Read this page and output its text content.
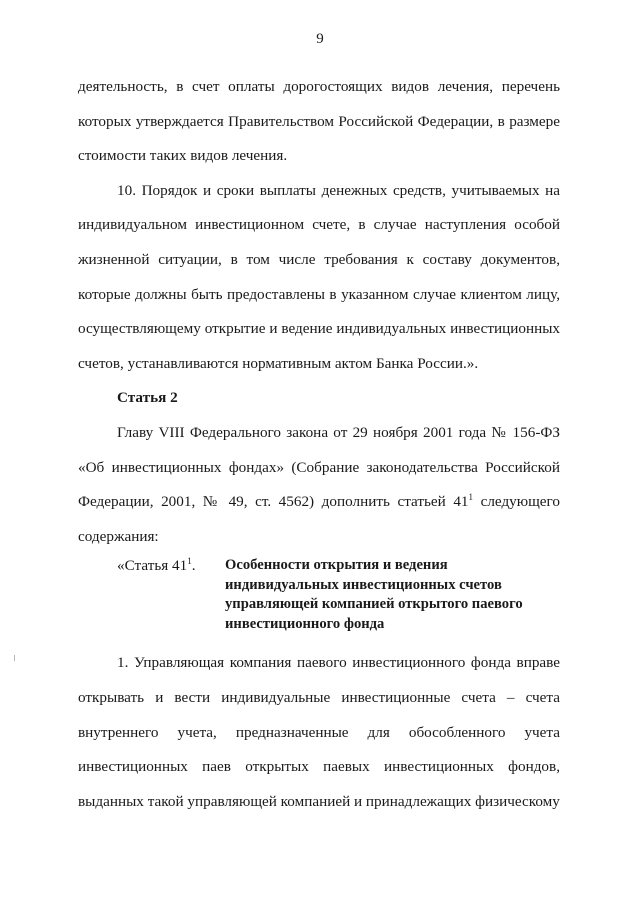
9

деятельность, в счет оплаты дорогостоящих видов лечения, перечень которых утверждается Правительством Российской Федерации, в размере стоимости таких видов лечения.

10. Порядок и сроки выплаты денежных средств, учитываемых на индивидуальном инвестиционном счете, в случае наступления особой жизненной ситуации, в том числе требования к составу документов, которые должны быть предоставлены в указанном случае клиентом лицу, осуществляющему открытие и ведение индивидуальных инвестиционных счетов, устанавливаются нормативным актом Банка России.».

Статья 2

Главу VIII Федерального закона от 29 ноября 2001 года № 156-ФЗ «Об инвестиционных фондах» (Собрание законодательства Российской Федерации, 2001, № 49, ст. 4562) дополнить статьей $41^1$ следующего содержания:

«Статья $41^1$.	Особенности открытия и ведения индивидуальных инвестиционных счетов управляющей компанией открытого паевого инвестиционного фонда

1. Управляющая компания паевого инвестиционного фонда вправе открывать и вести индивидуальные инвестиционные счета – счета внутреннего учета, предназначенные для обособленного учета инвестиционных паев открытых паевых инвестиционных фондов, выданных такой управляющей компанией и принадлежащих физическому
